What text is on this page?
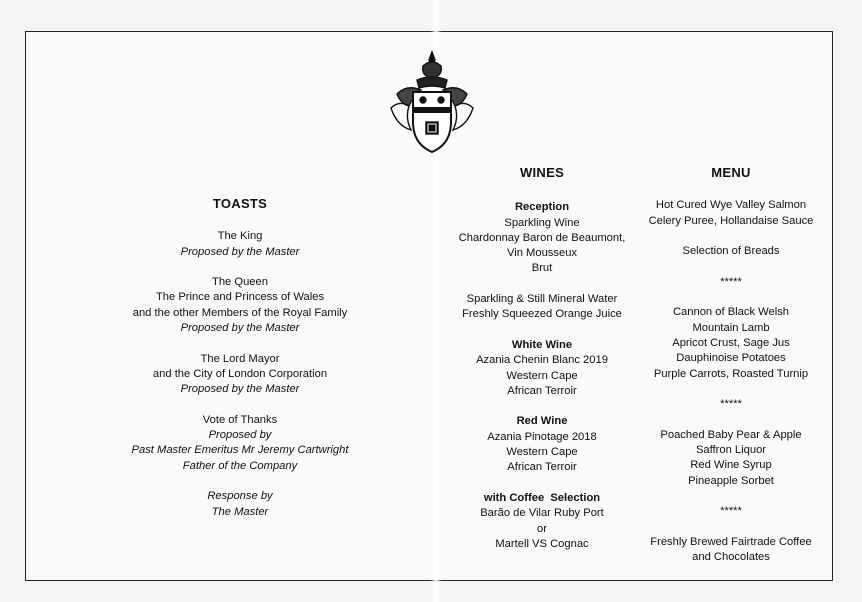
TOASTS

The King

Proposed by the Master

The Queen

The Prince and Princess of Wales

and the other Members of the Royal Family

Proposed by the Master

The Lord Mayor

and the City of London Corporation

Proposed by the Master

Vote of Thanks

Proposed by

Past Master Emeritus Mr Jeremy Cartwright

Father of the Company

Response by

The Master

WINES

Reception

Sparkling Wine

Chardonnay Baron de Beaumont,

Vin Mousseux

Brut

Sparkling & Still Mineral Water

Freshly Squeezed Orange Juice

White Wine

Azania Chenin Blanc 2019

Western Cape

African Terroir

Red Wine

Azania Pinotage 2018

Western Cape

African Terroir

with Coffee  Selection

Barão de Vilar Ruby Port

or

Martell VS Cognac

MENU

Hot Cured Wye Valley Salmon

Celery Puree, Hollandaise Sauce

Selection of Breads

*****

Cannon of Black Welsh

Mountain Lamb

Apricot Crust, Sage Jus

Dauphinoise Potatoes

Purple Carrots, Roasted Turnip

*****

Poached Baby Pear & Apple

Saffron Liquor

Red Wine Syrup

Pineapple Sorbet

*****

Freshly Brewed Fairtrade Coffee

and Chocolates
